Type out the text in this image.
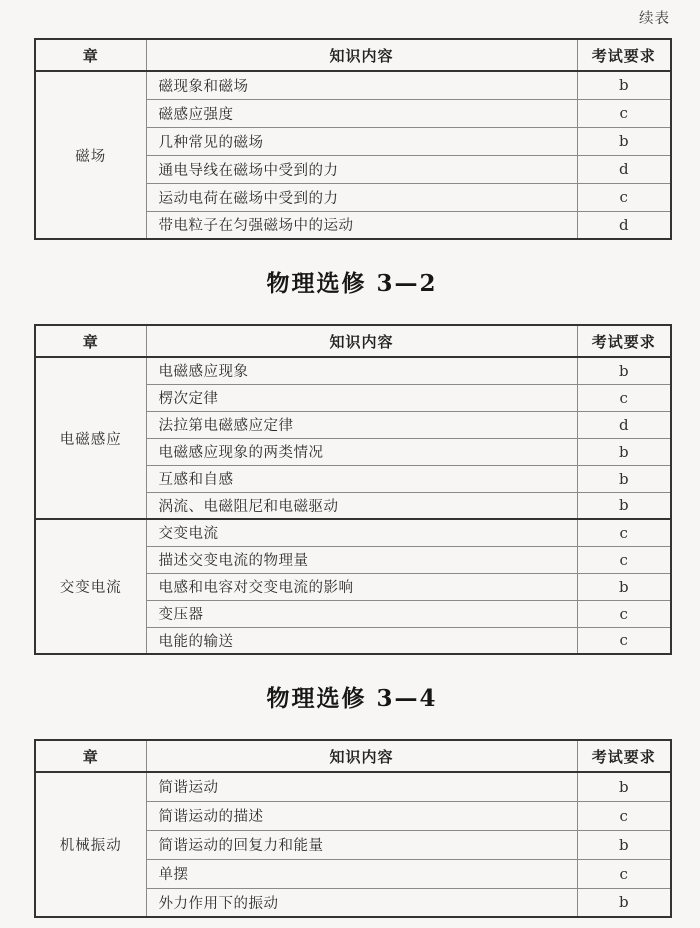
续表
章	知识内容	考试要求
磁场	磁现象和磁场	b
	磁感应强度	c
	几种常见的磁场	b
	通电导线在磁场中受到的力	d
	运动电荷在磁场中受到的力	c
	带电粒子在匀强磁场中的运动	d
物理选修 3—2
章	知识内容	考试要求
电磁感应	电磁感应现象	b
	楞次定律	c
	法拉第电磁感应定律	d
	电磁感应现象的两类情况	b
	互感和自感	b
	涡流、电磁阻尼和电磁驱动	b
交变电流	交变电流	c
	描述交变电流的物理量	c
	电感和电容对交变电流的影响	b
	变压器	c
	电能的输送	c
物理选修 3—4
章	知识内容	考试要求
机械振动	简谐运动	b
	简谐运动的描述	c
	简谐运动的回复力和能量	b
	单摆	c
	外力作用下的振动	b
